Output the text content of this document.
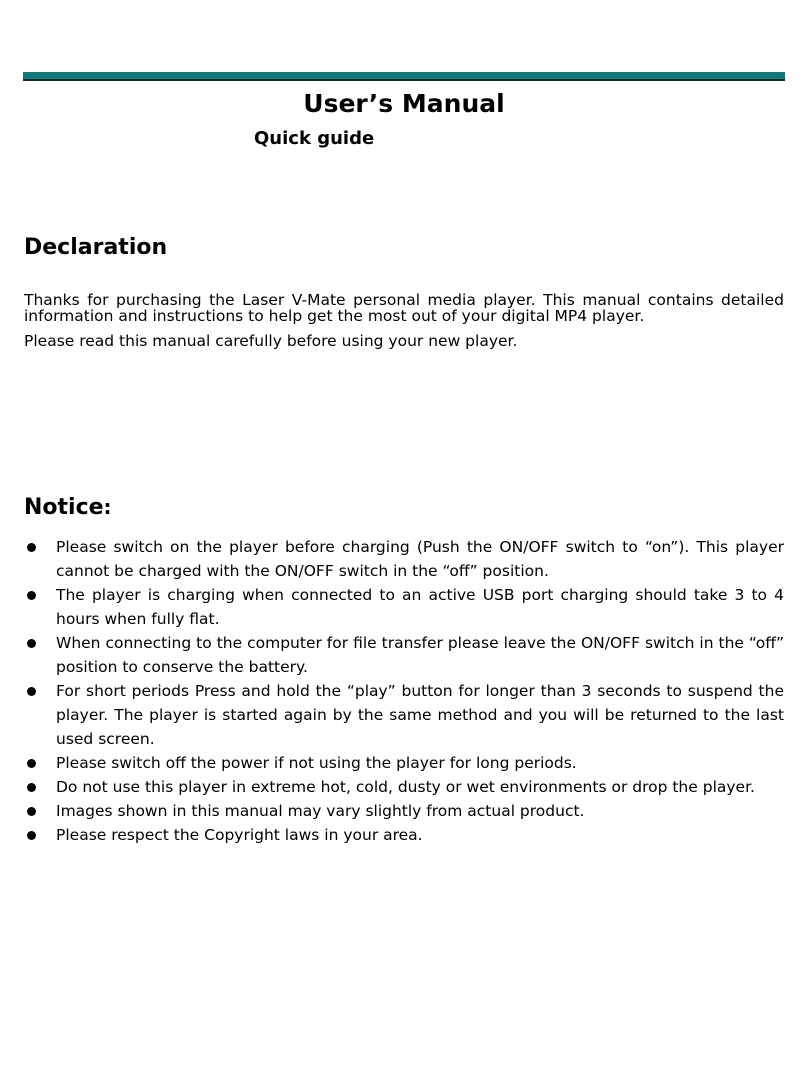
User’s Manual
Quick guide
Declaration

Thanks for purchasing the Laser V-Mate personal media player. This manual contains detailed information and instructions to help get the most out of your digital MP4 player.

Please read this manual carefully before using your new player.

Notice:
Please switch on the player before charging (Push the ON/OFF switch to “on”). This player cannot be charged with the ON/OFF switch in the “off” position.
The player is charging when connected to an active USB port charging should take 3 to 4 hours when fully flat.
When connecting to the computer for file transfer please leave the ON/OFF switch in the “off” position to conserve the battery.
For short periods Press and hold the “play” button for longer than 3 seconds to suspend the player. The player is started again by the same method and you will be returned to the last used screen.
Please switch off the power if not using the player for long periods.
Do not use this player in extreme hot, cold, dusty or wet environments or drop the player.
Images shown in this manual may vary slightly from actual product.
Please respect the Copyright laws in your area.
